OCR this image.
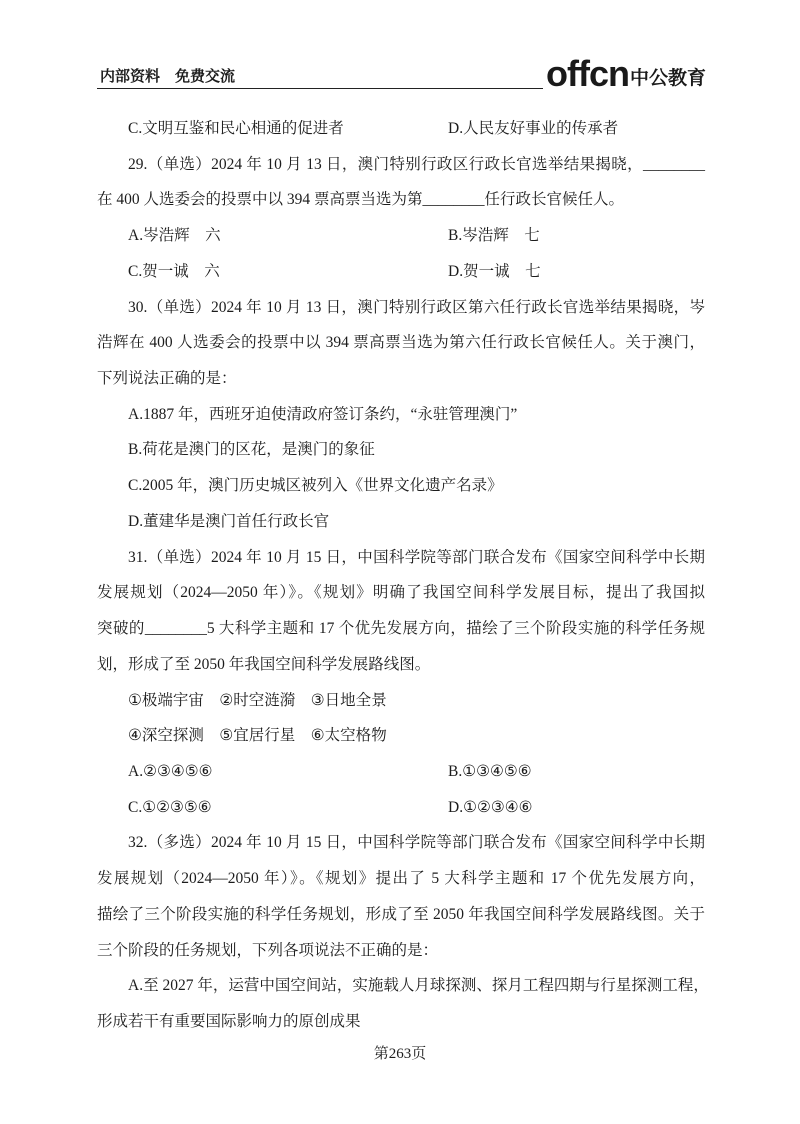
内部资料　免费交流	offcn 中公教育
C.文明互鉴和民心相通的促进者	D.人民友好事业的传承者
29.（单选）2024 年 10 月 13 日，澳门特别行政区行政长官选举结果揭晓，________
在 400 人选委会的投票中以 394 票高票当选为第________任行政长官候任人。
A.岑浩辉　六	B.岑浩辉　七
C.贺一诚　六	D.贺一诚　七
30.（单选）2024 年 10 月 13 日，澳门特别行政区第六任行政长官选举结果揭晓，岑
浩辉在 400 人选委会的投票中以 394 票高票当选为第六任行政长官候任人。关于澳门，
下列说法正确的是：
A.1887 年，西班牙迫使清政府签订条约，“永驻管理澳门”
B.荷花是澳门的区花，是澳门的象征
C.2005 年，澳门历史城区被列入《世界文化遗产名录》
D.董建华是澳门首任行政长官
31.（单选）2024 年 10 月 15 日，中国科学院等部门联合发布《国家空间科学中长期
发展规划（2024—2050 年）》。《规划》明确了我国空间科学发展目标，提出了我国拟
突破的________5 大科学主题和 17 个优先发展方向，描绘了三个阶段实施的科学任务规
划，形成了至 2050 年我国空间科学发展路线图。
①极端宇宙　②时空涟漪　③日地全景
④深空探测　⑤宜居行星　⑥太空格物
A.②③④⑤⑥	B.①③④⑤⑥
C.①②③⑤⑥	D.①②③④⑥
32.（多选）2024 年 10 月 15 日，中国科学院等部门联合发布《国家空间科学中长期
发展规划（2024—2050 年）》。《规划》提出了 5 大科学主题和 17 个优先发展方向，
描绘了三个阶段实施的科学任务规划，形成了至 2050 年我国空间科学发展路线图。关于
三个阶段的任务规划，下列各项说法不正确的是：
A.至 2027 年，运营中国空间站，实施载人月球探测、探月工程四期与行星探测工程，
形成若干有重要国际影响力的原创成果
第263页
